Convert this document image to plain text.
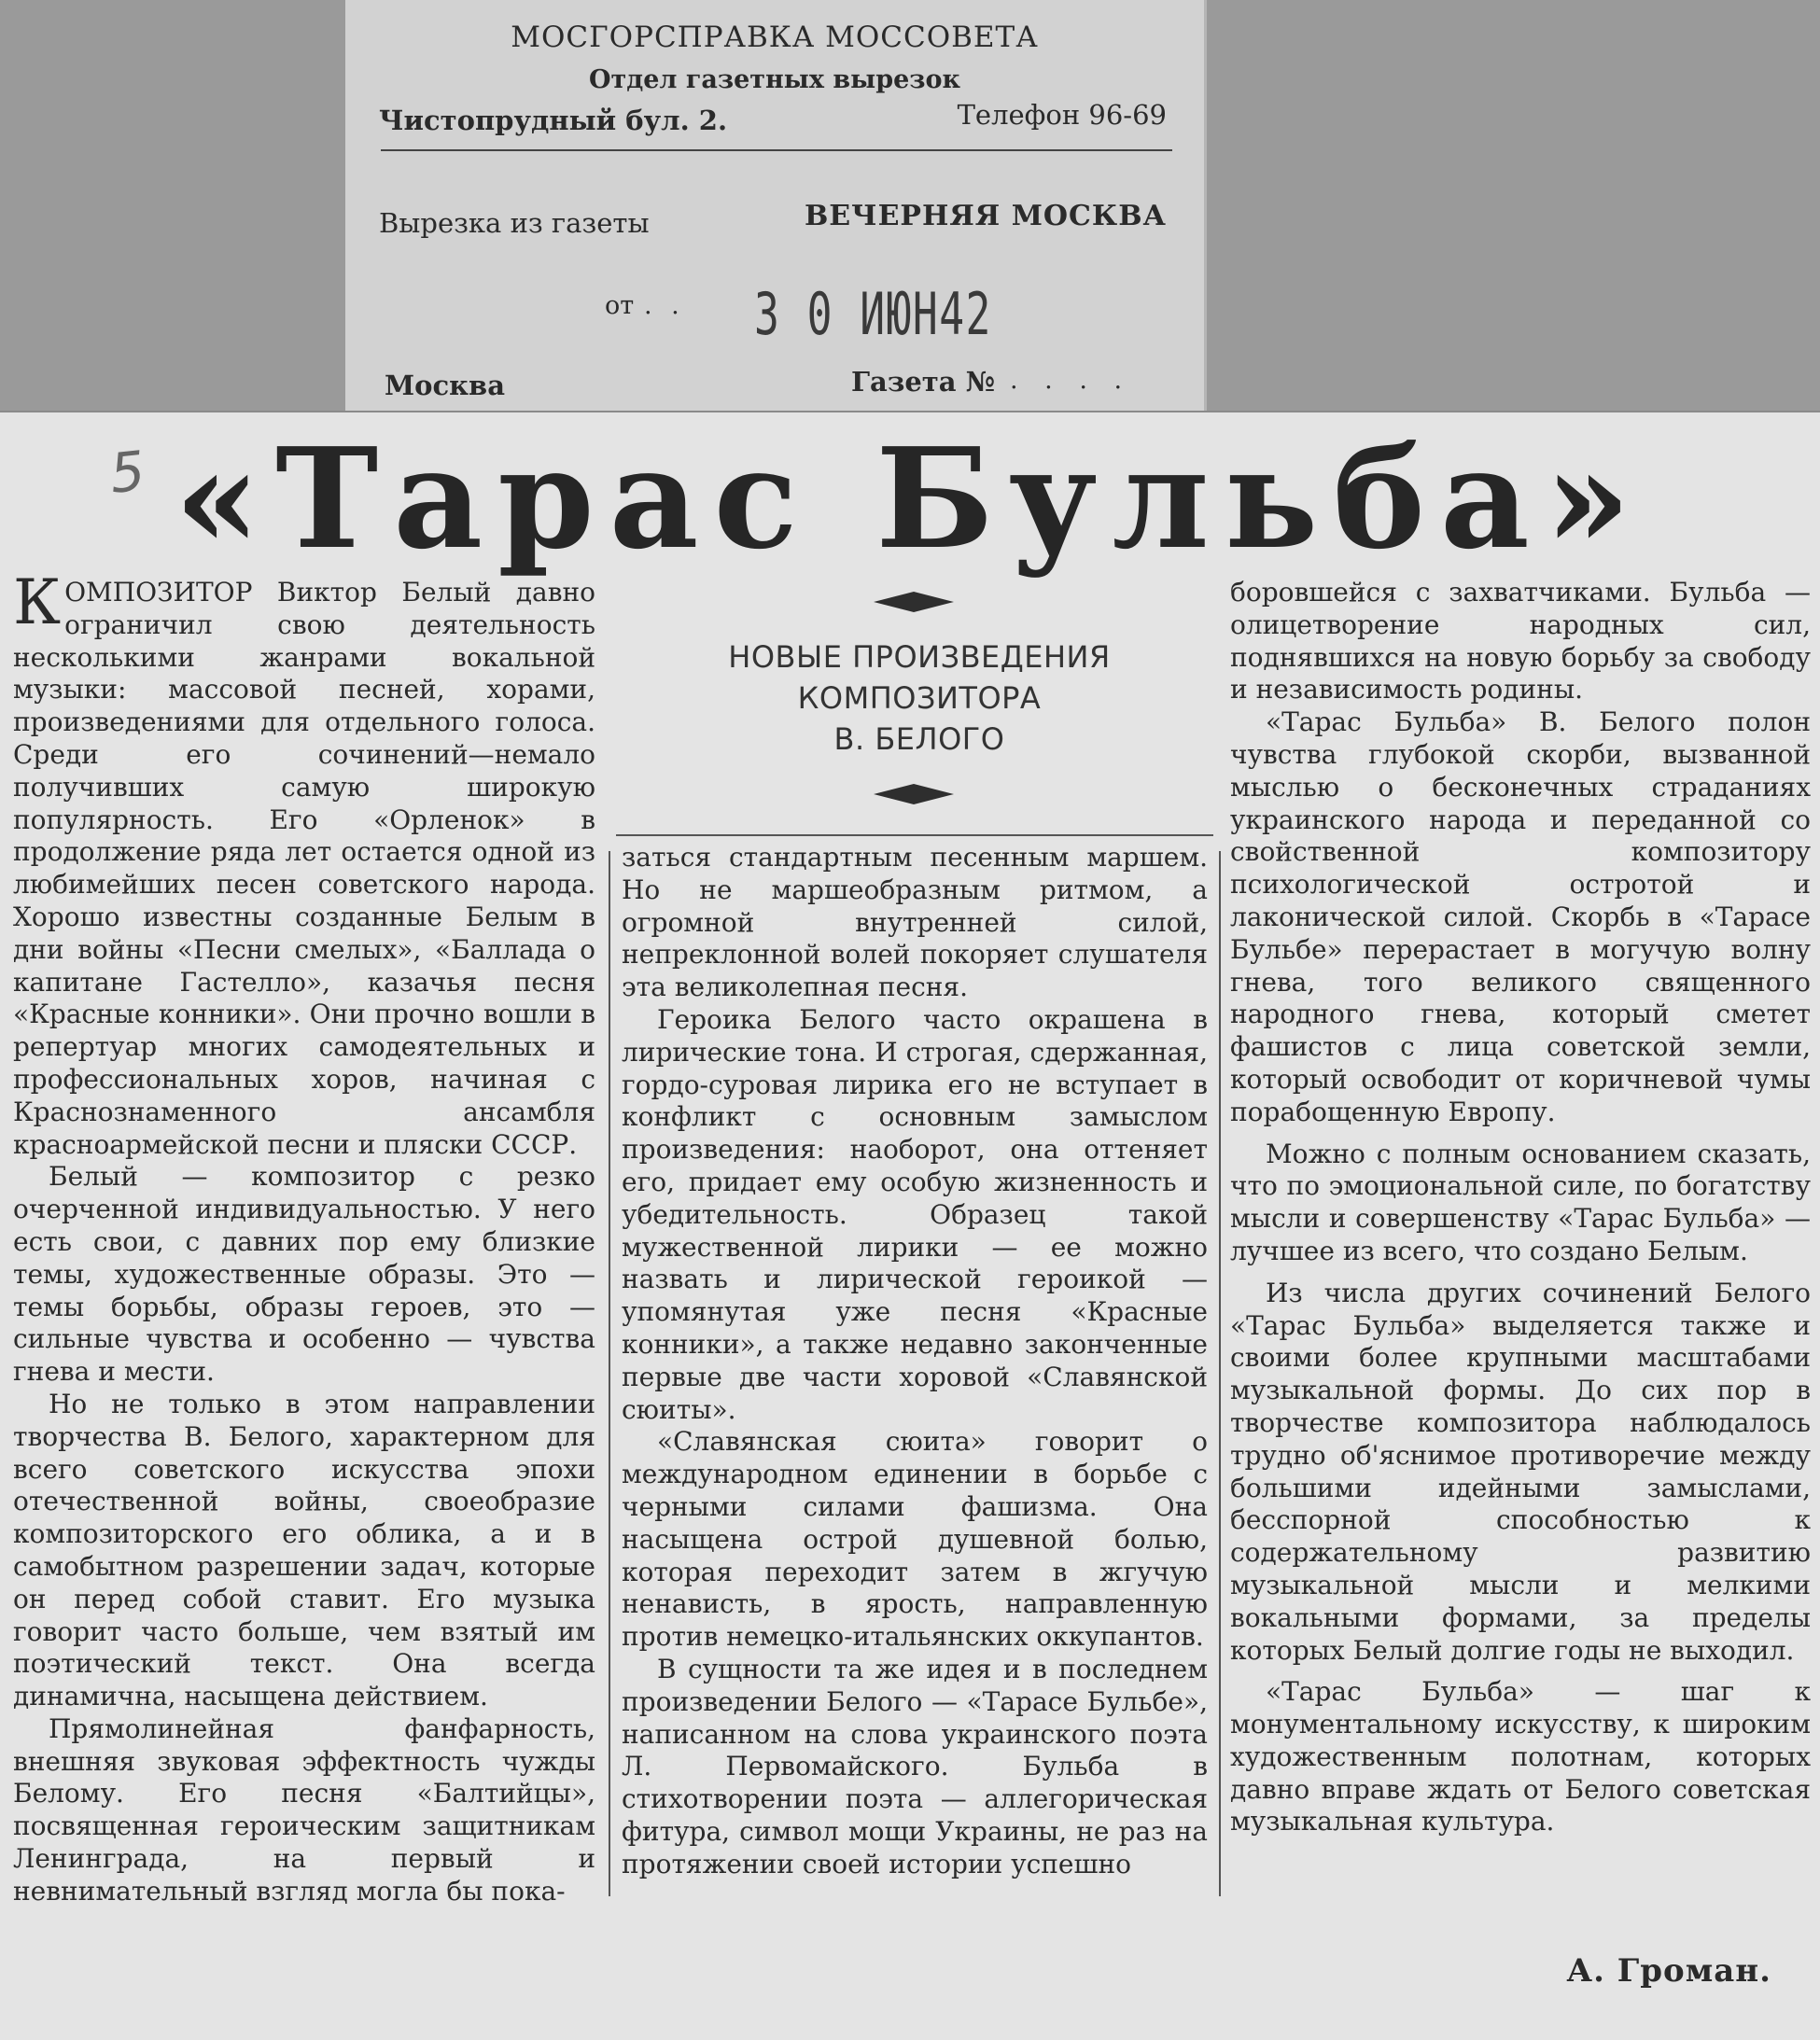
МОСГОРСПРАВКА МОССОВЕТА
Отдел газетных вырезок
Чистопрудный бул. 2.	Телефон 96-69
Вырезка из газеты	ВЕЧЕРНЯЯ МОСКВА
от . . 3 0 ИЮН42
Москва	Газета № . . . .
5 «Тарас Бульба»
НОВЫЕ ПРОИЗВЕДЕНИЯ
КОМПОЗИТОРА
В. БЕЛОГО

КОМПОЗИТОР Виктор Белый давно ограничил свою деятельность несколькими жанрами вокальной музыки: массовой песней, хорами, произведениями для отдельного голоса. Среди его сочинений—немало получивших самую широкую популярность. Его «Орленок» в продолжение ряда лет остается одной из любимейших песен советского народа. Хорошо известны созданные Белым в дни войны «Песни смелых», «Баллада о капитане Гастелло», казачья песня «Красные конники». Они прочно вошли в репертуар многих самодеятельных и профессиональных хоров, начиная с Краснознаменного ансамбля красноармейской песни и пляски СССР.

Белый — композитор с резко очерченной индивидуальностью. У него есть свои, с давних пор ему близкие темы, художественные образы. Это — темы борьбы, образы героев, это — сильные чувства и особенно — чувства гнева и мести.

Но не только в этом направлении творчества В. Белого, характерном для всего советского искусства эпохи отечественной войны, своеобразие композиторского его облика, а и в самобытном разрешении задач, которые он перед собой ставит. Его музыка говорит часто больше, чем взятый им поэтический текст. Она всегда динамична, насыщена действием.

Прямолинейная фанфарность, внешняя звуковая эффектность чужды Белому. Его песня «Балтийцы», посвященная героическим защитникам Ленинграда, на первый и невнимательный взгляд могла бы пока-

заться стандартным песенным маршем. Но не маршеобразным ритмом, а огромной внутренней силой, непреклонной волей покоряет слушателя эта великолепная песня.

Героика Белого часто окрашена в лирические тона. И строгая, сдержанная, гордо-суровая лирика его не вступает в конфликт с основным замыслом произведения: наоборот, она оттеняет его, придает ему особую жизненность и убедительность. Образец такой мужественной лирики — ее можно назвать и лирической героикой — упомянутая уже песня «Красные конники», а также недавно законченные первые две части хоровой «Славянской сюиты».

«Славянская сюита» говорит о международном единении в борьбе с черными силами фашизма. Она насыщена острой душевной болью, которая переходит затем в жгучую ненависть, в ярость, направленную против немецко-итальянских оккупантов.

В сущности та же идея и в последнем произведении Белого — «Тарасе Бульбе», написанном на слова украинского поэта Л. Первомайского. Бульба в стихотворении поэта — аллегорическая фитура, символ мощи Украины, не раз на протяжении своей истории успешно

боровшейся с захватчиками. Бульба — олицетворение народных сил, поднявшихся на новую борьбу за свободу и независимость родины.

«Тарас Бульба» В. Белого полон чувства глубокой скорби, вызванной мыслью о бесконечных страданиях украинского народа и переданной со свойственной композитору психологической остротой и лаконической силой. Скорбь в «Тарасе Бульбе» перерастает в могучую волну гнева, того великого священного народного гнева, который сметет фашистов с лица советской земли, который освободит от коричневой чумы порабощенную Европу.

Можно с полным основанием сказать, что по эмоциональной силе, по богатству мысли и совершенству «Тарас Бульба» — лучшее из всего, что создано Белым.

Из числа других сочинений Белого «Тарас Бульба» выделяется также и своими более крупными масштабами музыкальной формы. До сих пор в творчестве композитора наблюдалось трудно об'яснимое противоречие между большими идейными замыслами, бесспорной способностью к содержательному развитию музыкальной мысли и мелкими вокальными формами, за пределы которых Белый долгие годы не выходил.

«Тарас Бульба» — шаг к монументальному искусству, к широким художественным полотнам, которых давно вправе ждать от Белого советская музыкальная культура.

А. Громан.
